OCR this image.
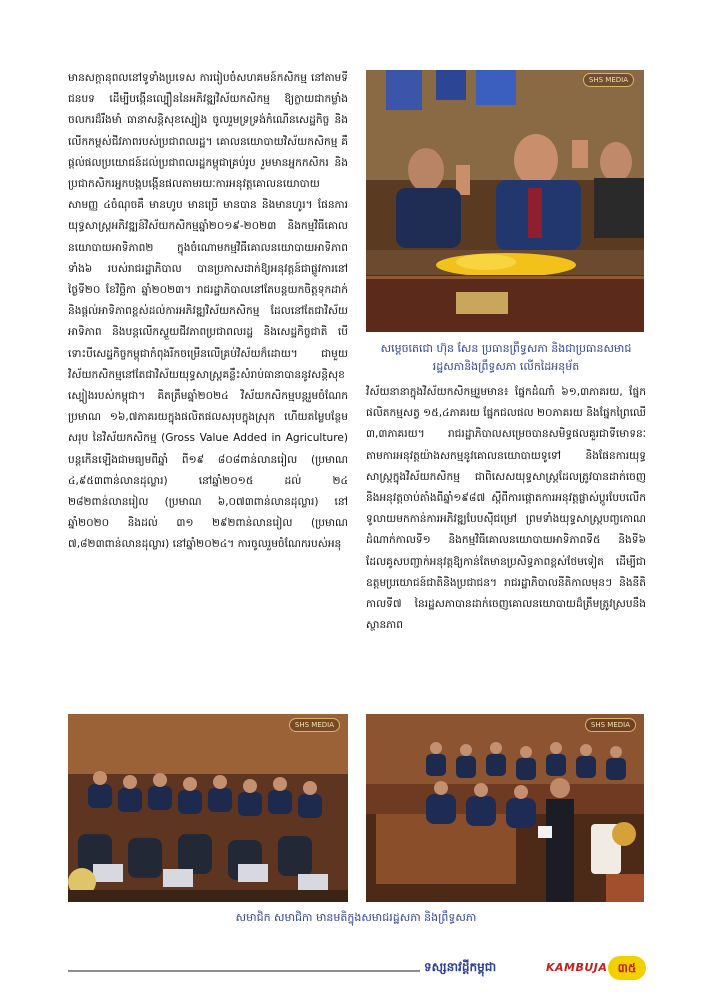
មានសក្តានុពលនៅទូទាំងប្រទេស ការរៀបចំសហគមន៍កសិកម្ម នៅតាមទីជនបទ ដើម្បីបង្កើនល្បឿននៃអភិវឌ្ឍវិស័យកសិកម្ម ឱ្យក្លាយជាកម្លាំងចលករដ៏រឹងមាំ ធានាសន្តិសុខស្បៀង ចូលរួមទ្រទ្រង់កំណើនសេដ្ឋកិច្ច និងលើកកម្ពស់ជីវភាពរបស់ប្រជាពលរដ្ឋ។ គោលនយោបាយវិស័យកសិកម្ម គឺផ្តល់ផលប្រយោជន៍ដល់ប្រជាពលរដ្ឋកម្ពុជាគ្រប់រូប រួមមានអ្នកកសិករ និងប្រជាកសិករអ្នកបង្កបង្កើនផលតាមរយៈការអនុវត្តគោលនយោបាយសាមញ្ញ ៤ចំណុចគឺ មានហូប មានប្រើ មានបាន និងមានហូរ។ ផែនការយុទ្ធសាស្ត្រអភិវឌ្ឍន៍វិស័យកសិកម្មឆ្នាំ២០១៩-២០២៣ និងកម្មវិធីគោលនយោបាយអាទិភាព២ ក្នុងចំណោមកម្មវិធីគោលនយោបាយអាទិភាពទាំង៦ របស់រាជរដ្ឋាភិបាល បានប្រកាសដាក់ឱ្យអនុវត្តន៍ជាផ្លូវការនៅថ្ងៃទី២០ ខែវិច្ឆិកា ឆ្នាំ២០២៣។ រាជរដ្ឋាភិបាលនៅតែបន្តយកចិត្តទុកដាក់និងផ្តល់អាទិភាពខ្ពស់ដល់ការអភិវឌ្ឍវិស័យកសិកម្ម ដែលនៅតែជាវិស័យអាទិភាព និងបន្តលើកស្ទួយជីវភាពប្រជាពលរដ្ឋ និងសេដ្ឋកិច្ចជាតិ បើទោះបីសេដ្ឋកិច្ចកម្ពុជាកំពុងរីកចម្រើនលើគ្រប់វិស័យក៏ដោយ។ ជាមួយវិស័យកសិកម្មនៅតែជាវិស័យយុទ្ធសាស្ត្រគន្លឹះសំរាប់ធានាបាននូវសន្តិសុខស្បៀងរបស់កម្ពុជា។ គិតត្រឹមឆ្នាំ២០២៤ វិស័យកសិកម្មបន្តរួមចំណែកប្រមាណ ១៦,៧ភាគរយក្នុងផលិតផលសរុបក្នុងស្រុក ហើយតម្លៃបន្ថែមសរុប នៃវិស័យកសិកម្ម (Gross Value Added in Agriculture) បន្តកើនឡើងជាមធ្យមពីឆ្នាំ ពី១៩ ៨០៨ពាន់លានរៀល (ប្រមាណ ៤,៩៥៣ពាន់លានដុល្លារ) នៅឆ្នាំ២០១៥ ដល់ ២៤ ២៨២ពាន់លានរៀល (ប្រមាណ ៦,០៧៣ពាន់លានដុល្លារ) នៅឆ្នាំ២០២០ និងដល់ ៣១ ២៩២ពាន់លានរៀល (ប្រមាណ ៧,៨២៣ពាន់លានដុល្លារ) នៅឆ្នាំ២០២៤។ ការចូលរួមចំណែករបស់អនុ

SHS MEDIA
សម្តេចតេជោ ហ៊ុន សែន ប្រធានព្រឹទ្ធសភា និងជាប្រធានសមាជរដ្ឋសភានិងព្រឹទ្ធសភា លើកដៃអនុម័ត

វិស័យនានាក្នុងវិស័យកសិកម្មរួមមាន៖ ផ្នែកដំណាំ ៦១,៣ភាគរយ, ផ្នែកផលិតកម្មសត្វ ១៥,៤ភាគរយ ផ្នែកជលផល ២០ភាគរយ និងផ្នែកព្រៃឈើ ៣,៣ភាគរយ។ រាជរដ្ឋាភិបាលសម្រេចបានសមិទ្ធផលគួរជាទីមោទនៈ តាមការអនុវត្តយ៉ាងសកម្មនូវគោលនយោបាយទូទៅ និងផែនការយុទ្ធសាស្ត្រក្នុងវិស័យកសិកម្ម ជាពិសេសយុទ្ធសាស្ត្រដែលត្រូវបានដាក់ចេញ និងអនុវត្តចាប់តាំងពីឆ្នាំ១៩៨៧ ស្តីពីការផ្តោតការអនុវត្តផ្លាស់ប្តូរបែបលើកទូលាយមកកាន់ការអភិវឌ្ឍបែបស៊ីជម្រៅ ព្រមទាំងយុទ្ធសាស្ត្របញ្ចកោណដំណាក់កាលទី១ និងកម្មវិធីគោលនយោបាយអាទិភាពទី៥ និងទី៦ ដែលគូសបញ្ជាក់អនុវត្តឱ្យកាន់តែមានប្រសិទ្ធភាពខ្ពស់ថែមទៀត ដើម្បីជាឧត្តមប្រយោជន៍ជាតិនិងប្រជាជន។ រាជរដ្ឋាភិបាលនីតិកាលមុនៗ និងនីតិកាលទី៧ នៃរដ្ឋសភាបានដាក់ចេញគោលនយោបាយដ៏ត្រឹមត្រូវស្របនឹងស្ថានភាព

SHS MEDIA	SHS MEDIA
សមាជិក សមាជិកា មានមតិក្នុងសមាជរដ្ឋសភា និងព្រឹទ្ធសភា
ទស្សនាវដ្តីកម្ពុជា	KAMBUJA ៣៥
